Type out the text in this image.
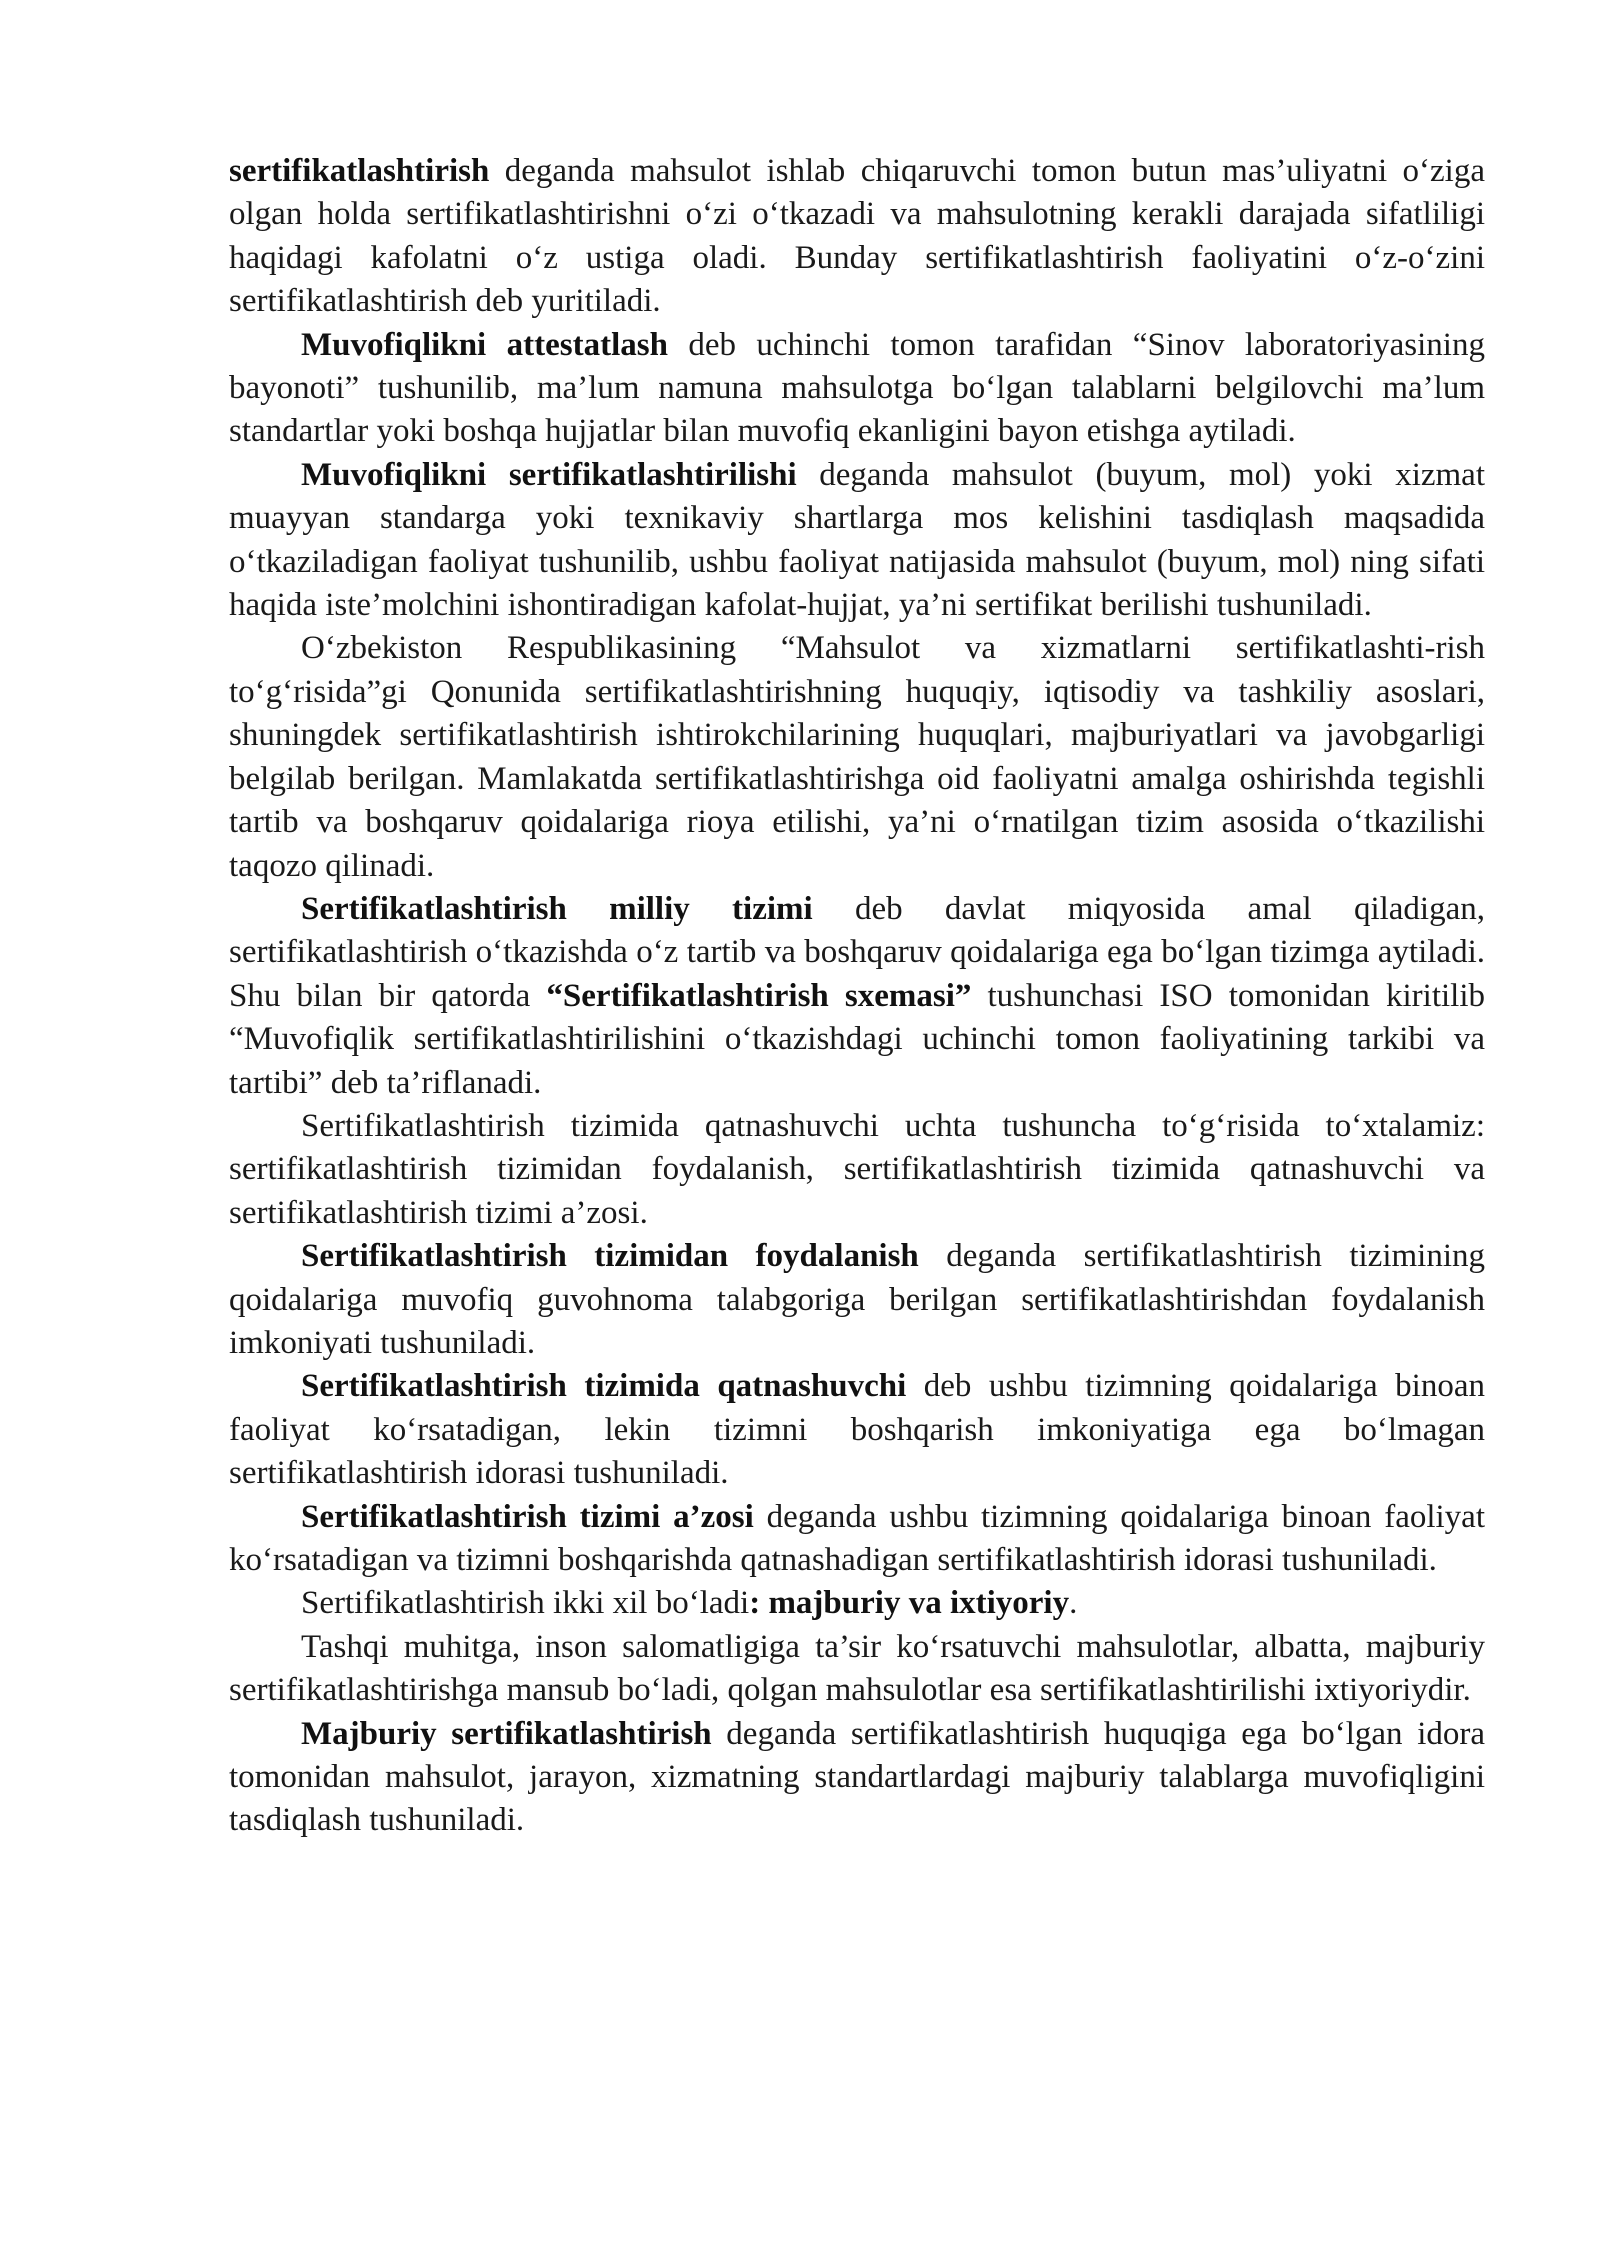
sertifikatlashtirish deganda mahsulot ishlab chiqaruvchi tomon butun mas’uliyatni o‘ziga olgan holda sertifikatlashtirishni o‘zi o‘tkazadi va mahsulotning kerakli darajada sifatliligi haqidagi kafolatni o‘z ustiga oladi. Bunday sertifikatlashtirish faoliyatini o‘z-o‘zini sertifikatlashtirish deb yuritiladi.

Muvofiqlikni attestatlash deb uchinchi tomon tarafidan “Sinov laboratoriyasining bayonoti” tushunilib, ma’lum namuna mahsulotga bo‘lgan talablarni belgilovchi ma’lum standartlar yoki boshqa hujjatlar bilan muvofiq ekanligini bayon etishga aytiladi.

Muvofiqlikni sertifikatlashtirilishi deganda mahsulot (buyum, mol) yoki xizmat muayyan standarga yoki texnikaviy shartlarga mos kelishini tasdiqlash maqsadida o‘tkaziladigan faoliyat tushunilib, ushbu faoliyat natijasida mahsulot (buyum, mol) ning sifati haqida iste’molchini ishontiradigan kafolat-hujjat, ya’ni sertifikat berilishi tushuniladi.

O‘zbekiston Respublikasining “Mahsulot va xizmatlarni sertifikatlashti-rish to‘g‘risida”gi Qonunida sertifikatlashtirishning huquqiy, iqtisodiy va tashkiliy asoslari, shuningdek sertifikatlashtirish ishtirokchilarining huquqlari, majburiyatlari va javobgarligi belgilab berilgan. Mamlakatda sertifikatlashtirishga oid faoliyatni amalga oshirishda tegishli tartib va boshqaruv qoidalariga rioya etilishi, ya’ni o‘rnatilgan tizim asosida o‘tkazilishi taqozo qilinadi.

Sertifikatlashtirish milliy tizimi deb davlat miqyosida amal qiladigan, sertifikatlashtirish o‘tkazishda o‘z tartib va boshqaruv qoidalariga ega bo‘lgan tizimga aytiladi. Shu bilan bir qatorda “Sertifikatlashtirish sxemasi” tushunchasi ISO tomonidan kiritilib “Muvofiqlik sertifikatlashtirilishini o‘tkazishdagi uchinchi tomon faoliyatining tarkibi va tartibi” deb ta’riflanadi.

Sertifikatlashtirish tizimida qatnashuvchi uchta tushuncha to‘g‘risida to‘xtalamiz: sertifikatlashtirish tizimidan foydalanish, sertifikatlashtirish tizimida qatnashuvchi va sertifikatlashtirish tizimi a’zosi.

Sertifikatlashtirish tizimidan foydalanish deganda sertifikatlashtirish tizimining qoidalariga muvofiq guvohnoma talabgoriga berilgan sertifikatlashtirishdan foydalanish imkoniyati tushuniladi.

Sertifikatlashtirish tizimida qatnashuvchi deb ushbu tizimning qoidalariga binoan faoliyat ko‘rsatadigan, lekin tizimni boshqarish imkoniyatiga ega bo‘lmagan sertifikatlashtirish idorasi tushuniladi.

Sertifikatlashtirish tizimi a’zosi deganda ushbu tizimning qoidalariga binoan faoliyat ko‘rsatadigan va tizimni boshqarishda qatnashadigan sertifikatlashtirish idorasi tushuniladi.

Sertifikatlashtirish ikki xil bo‘ladi: majburiy va ixtiyoriy.

Tashqi muhitga, inson salomatligiga ta’sir ko‘rsatuvchi mahsulotlar, albatta, majburiy sertifikatlashtirishga mansub bo‘ladi, qolgan mahsulotlar esa sertifikatlashtirilishi ixtiyoriydir.

Majburiy sertifikatlashtirish deganda sertifikatlashtirish huquqiga ega bo‘lgan idora tomonidan mahsulot, jarayon, xizmatning standartlardagi majburiy talablarga muvofiqligini tasdiqlash tushuniladi.
